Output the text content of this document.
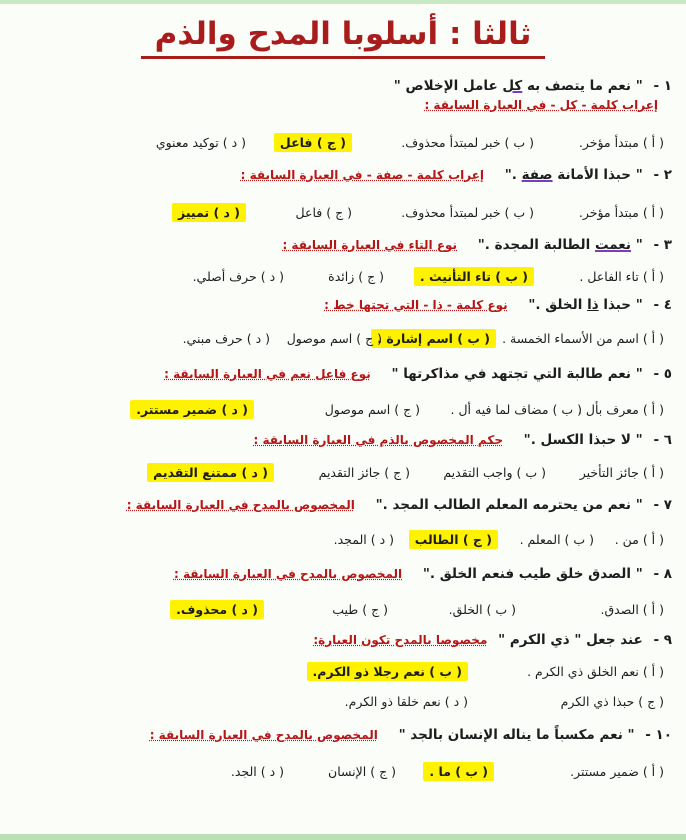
ثالثا : أسلوبا المدح والذم
١ - " نعم ما يتصف به كل عامل الإخلاص "
إعراب كلمة - كل - في العبارة السابقة :
( أ ) مبتدأ مؤخر.
( ب ) خبر لمبتدأ محذوف.
( ج ) فاعل
( د ) توكيد معنوي
٢ - " حبذا الأمانة صفة ." إعراب كلمة - صفة - في العبارة السابقة :
( أ ) مبتدأ مؤخر.
( ب ) خبر لمبتدأ محذوف.
( ج ) فاعل
( د ) تمييز
٣ - " نعمت الطالبة المجدة ." نوع التاء في العبارة السابقة :
( أ ) تاء الفاعل .
( ب ) تاء التأنيث .
( ج ) زائدة
( د ) حرف أصلي.
٤ - " حبذا ذا الخلق ." نوع كلمة - ذا - التي تحتها خط :
( أ ) اسم من الأسماء الخمسة .
( ب ) اسم إشارة .
( ج ) اسم موصول
( د ) حرف مبني.
٥ - " نعم طالبة التي تجتهد في مذاكرتها " نوع فاعل نعم في العبارة السابقة :
( أ ) معرف بأل .
( ب ) مضاف لما فيه أل .
( ج ) اسم موصول
( د ) ضمير مستتر.
٦ - " لا حبذا الكسل ." حكم المخصوص بالذم في العبارة السابقة :
( أ ) جائز التأخير
( ب ) واجب التقديم
( ج ) جائز التقديم
( د ) ممتنع التقديم
٧ - " نعم من يحترمه المعلم الطالب المجد ." المخصوص بالمدح في العبارة السابقة :
( أ ) من .
( ب ) المعلم .
( ج ) الطالب
( د ) المجد.
٨ - " الصدق خلق طيب فنعم الخلق ." المخصوص بالمدح في العبارة السابقة :
( أ ) الصدق.
( ب ) الخلق.
( ج ) طيب
( د ) محذوف.
٩ - عند جعل " ذي الكرم " مخصوصا بالمدح تكون العبارة:
( أ ) نعم الخلق ذي الكرم .
( ب ) نعم رجلا ذو الكرم.
( ج ) حبذا ذي الكرم
( د ) نعم خلقا ذو الكرم.
١٠ - " نعم مكسباً ما يناله الإنسان بالجد " المخصوص بالمدح في العبارة السابقة :
( أ ) ضمير مستتر.
( ب ) ما .
( ج ) الإنسان
( د ) الجد.
